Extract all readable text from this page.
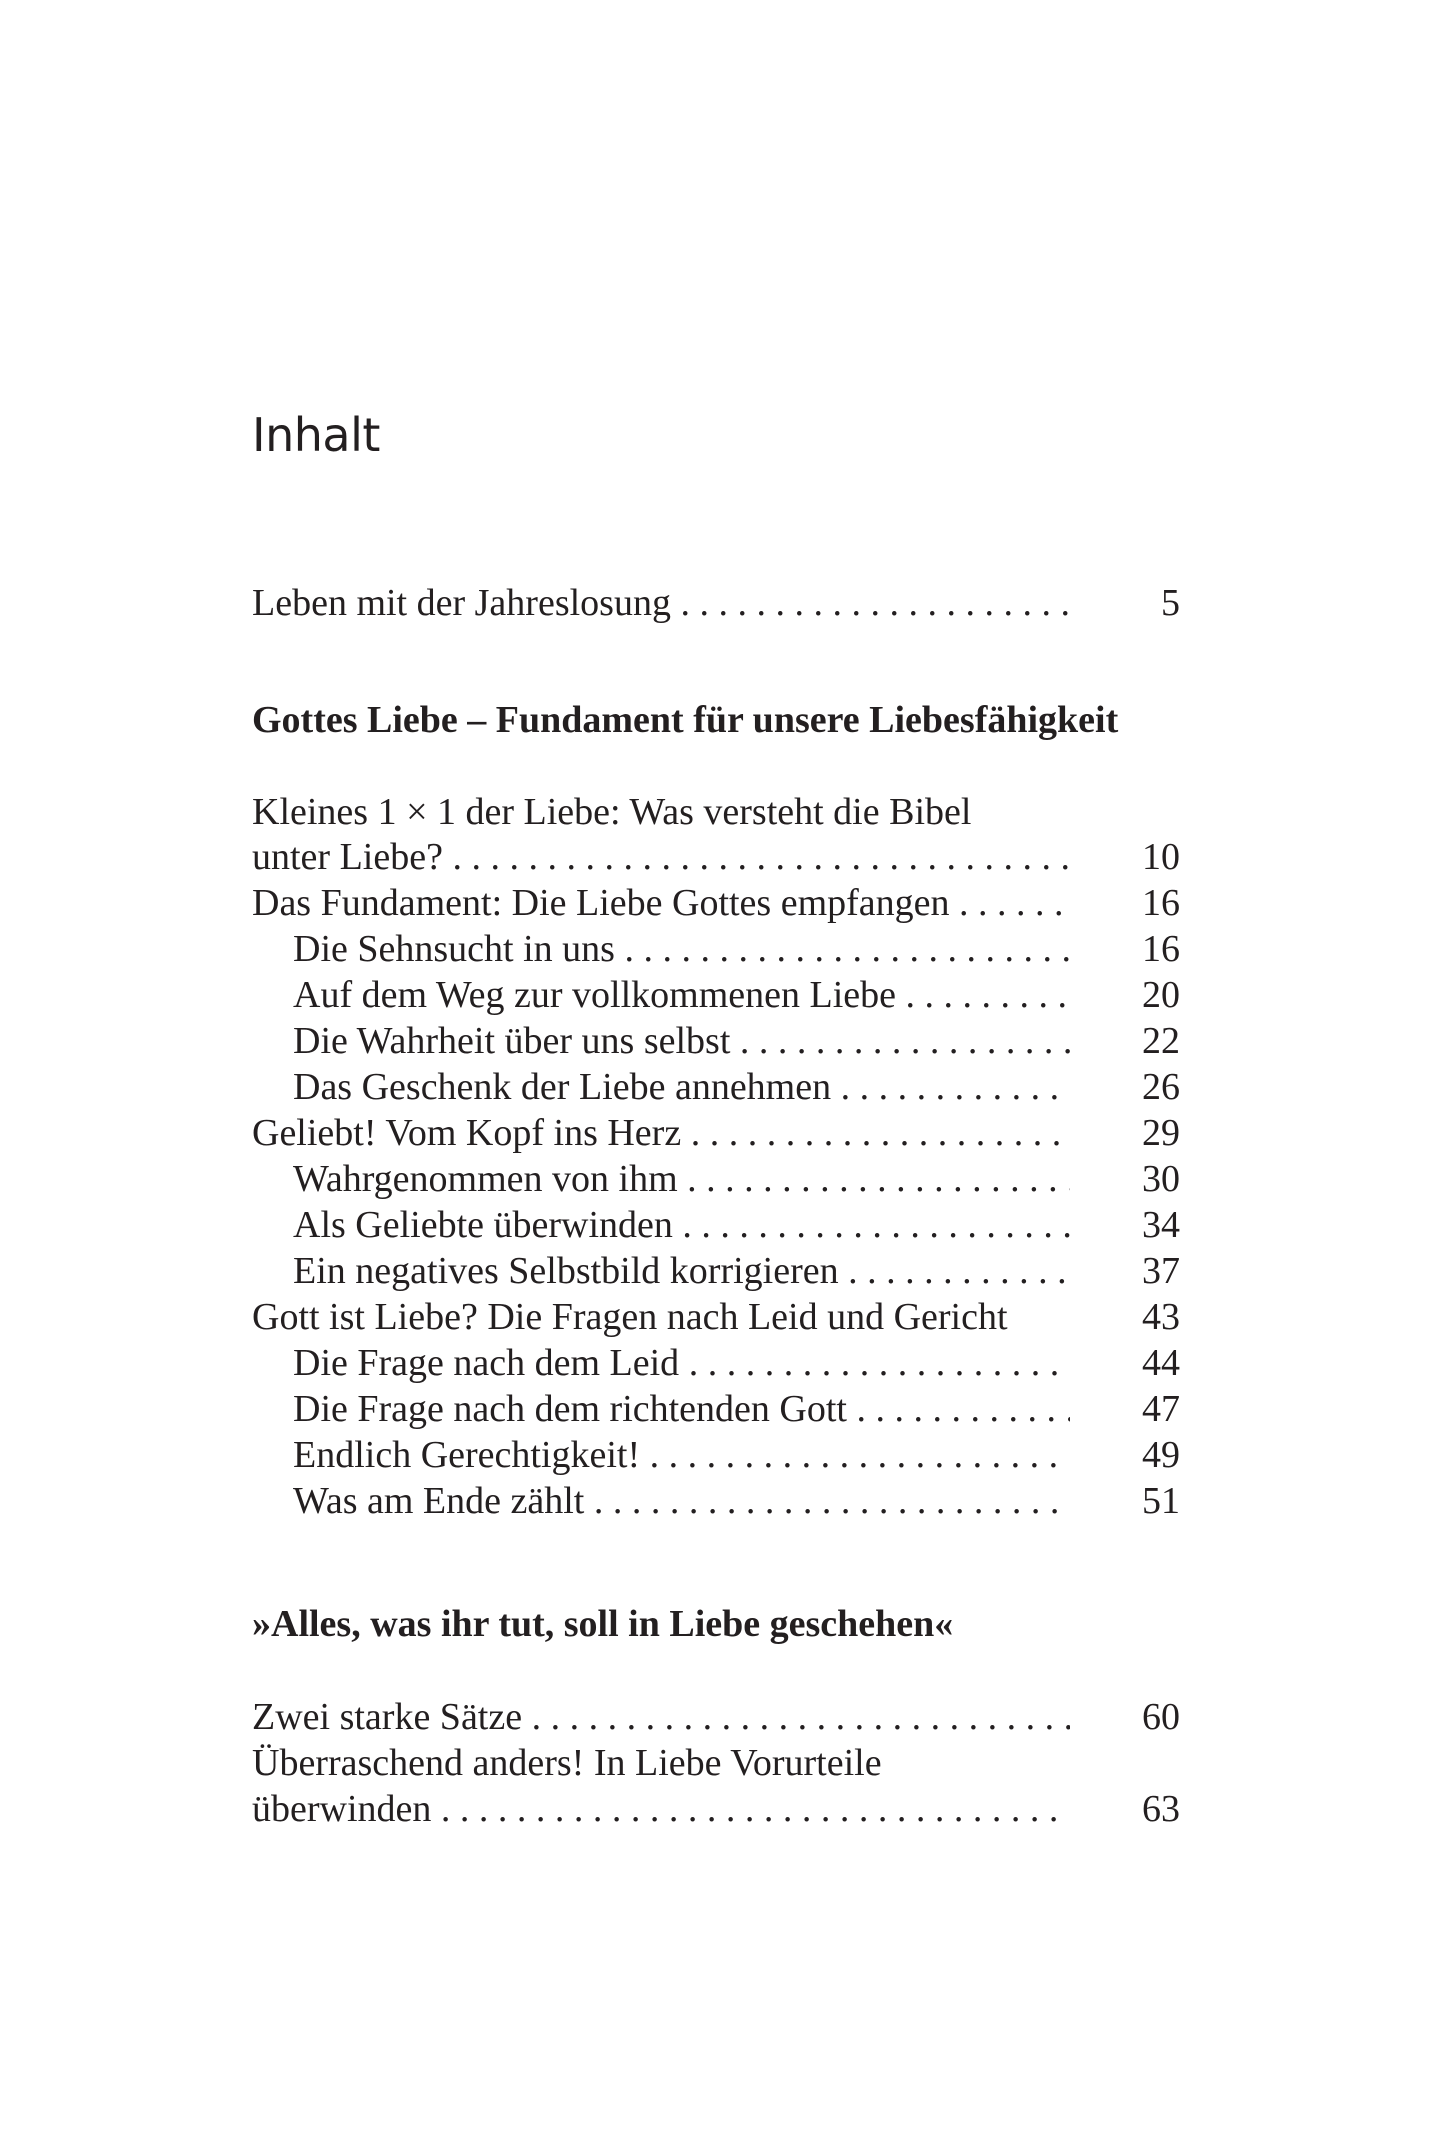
Inhalt
Leben mit der Jahreslosung . . .	5
Gottes Liebe – Fundament für unsere Liebesfähigkeit
Kleines 1 × 1 der Liebe: Was versteht die Bibel
unter Liebe? . . .	10
Das Fundament: Die Liebe Gottes empfangen . . .	16
Die Sehnsucht in uns . . .	16
Auf dem Weg zur vollkommenen Liebe . . .	20
Die Wahrheit über uns selbst . . .	22
Das Geschenk der Liebe annehmen . . .	26
Geliebt! Vom Kopf ins Herz . . .	29
Wahrgenommen von ihm . . .	30
Als Geliebte überwinden . . .	34
Ein negatives Selbstbild korrigieren . . .	37
Gott ist Liebe? Die Fragen nach Leid und Gericht	43
Die Frage nach dem Leid . . .	44
Die Frage nach dem richtenden Gott . . .	47
Endlich Gerechtigkeit! . . .	49
Was am Ende zählt . . .	51
»Alles, was ihr tut, soll in Liebe geschehen«
Zwei starke Sätze . . .	60
Überraschend anders! In Liebe Vorurteile
überwinden . . .	63
